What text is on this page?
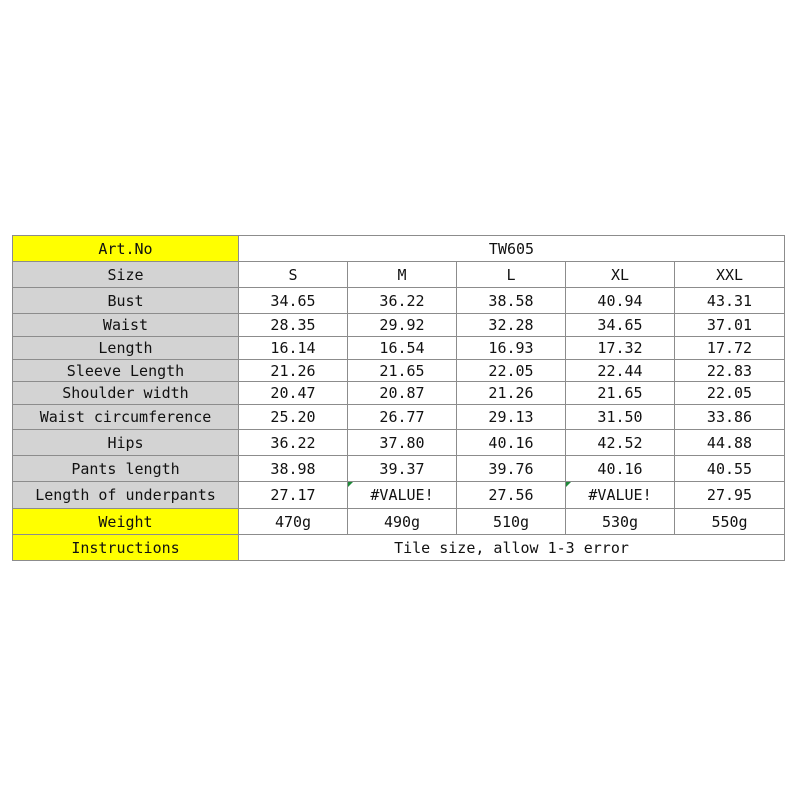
Art.No	TW605				
Size	S	M	L	XL	XXL
Bust	34.65	36.22	38.58	40.94	43.31
Waist	28.35	29.92	32.28	34.65	37.01
Length	16.14	16.54	16.93	17.32	17.72
Sleeve Length	21.26	21.65	22.05	22.44	22.83
Shoulder width	20.47	20.87	21.26	21.65	22.05
Waist circumference	25.20	26.77	29.13	31.50	33.86
Hips	36.22	37.80	40.16	42.52	44.88
Pants length	38.98	39.37	39.76	40.16	40.55
Length of underpants	27.17	#VALUE!	27.56	#VALUE!	27.95
Weight	470g	490g	510g	530g	550g
Instructions	Tile size, allow 1-3 error				
